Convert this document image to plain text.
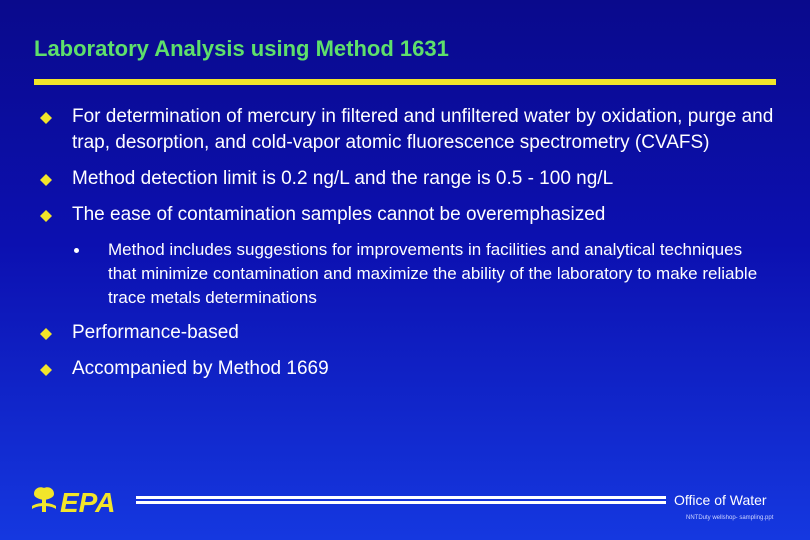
Laboratory Analysis using Method 1631
For determination of mercury in filtered and unfiltered water by oxidation, purge and trap, desorption, and cold-vapor atomic fluorescence spectrometry (CVAFS)
Method detection limit is 0.2 ng/L and the range is 0.5 - 100 ng/L
The ease of contamination samples cannot be overemphasized
Method includes suggestions for improvements in facilities and analytical techniques that minimize contamination and maximize the ability of the laboratory to make reliable trace metals determinations
Performance-based
Accompanied by Method 1669
EPA	Office of Water
NNTDuty wellshop- sampling.ppt
